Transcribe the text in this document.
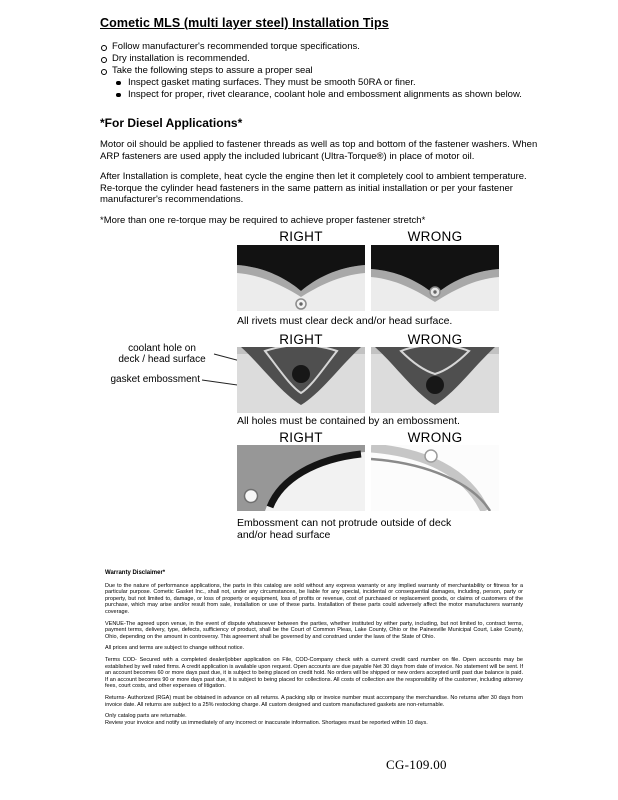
Cometic MLS (multi layer steel) Installation Tips
Follow manufacturer's recommended torque specifications.
Dry installation is recommended.
Take the following steps to assure a proper seal
Inspect gasket mating surfaces. They must be smooth 50RA or finer.
Inspect for proper, rivet clearance, coolant hole and embossment alignments as shown below.
*For Diesel Applications*

Motor oil should be applied to fastener threads as well as top and bottom of the fastener washers. When ARP fasteners are used apply the included lubricant (Ultra-Torque®) in place of motor oil.

After Installation is complete, heat cycle the engine then let it completely cool to ambient temperature. Re-torque the cylinder head fasteners in the same pattern as initial installation or per your fastener manufacturer's recommendations.

*More than one re-torque may be required to achieve proper fastener stretch*

RIGHT	WRONG
All rivets must clear deck and/or head surface.
RIGHT	WRONG
coolant hole on
deck / head surface
gasket embossment
All holes must be contained by an embossment.
RIGHT	WRONG
Embossment can not protrude outside of deck and/or head surface
Warranty Disclaimer*

Due to the nature of performance applications, the parts in this catalog are sold without any express warranty or any implied warranty of merchantability or fitness for a particular purpose. Cometic Gasket Inc., shall not, under any circumstances, be liable for any special, incidental or consequential damages, including, person, party or property, but not limited to, damage, or loss of property or equipment, loss of profits or revenue, cost of purchased or replacement goods, or claims of customers of the purchase, which may arise and/or result from sale, installation or use of these parts. Installation of these parts could adversely affect the motor manufacturers warranty coverage.

VENUE-The agreed upon venue, in the event of dispute whatsoever between the parties, whether instituted by either party, including, but not limited to, contract terms, payment terms, delivery, type, defects, sufficiency of product, shall be the Court of Common Pleas, Lake County, Ohio or the Painesville Municipal Court, Lake County, Ohio, depending on the amount in controversy. This agreement shall be governed by and construed under the laws of the State of Ohio.

All prices and terms are subject to change without notice.

Terms COD- Secured with a completed dealer/jobber application on File, COD-Company check with a current credit card number on file. Open accounts may be established by well rated firms. A credit application is available upon request. Open accounts are due payable Net 30 days from date of invoice. No statement will be sent. If an account becomes 60 or more days past due, it is subject to being placed on credit hold. No orders will be shipped or new orders accepted until past due balance is paid. If an account becomes 90 or more days past due, it is subject to being placed for collections. All costs of collection are the responsibility of the customer, including attorney fees, court costs, and other expenses of litigation.

Returns- Authorized (RGA) must be obtained in advance on all returns. A packing slip or invoice number must accompany the merchandise. No returns after 30 days from invoice date. All returns are subject to a 25% restocking charge. All custom designed and custom manufactured gaskets are non-returnable.

Only catalog parts are returnable.

Review your invoice and notify us immediately of any incorrect or inaccurate information. Shortages must be reported within 10 days.

CG-109.00
